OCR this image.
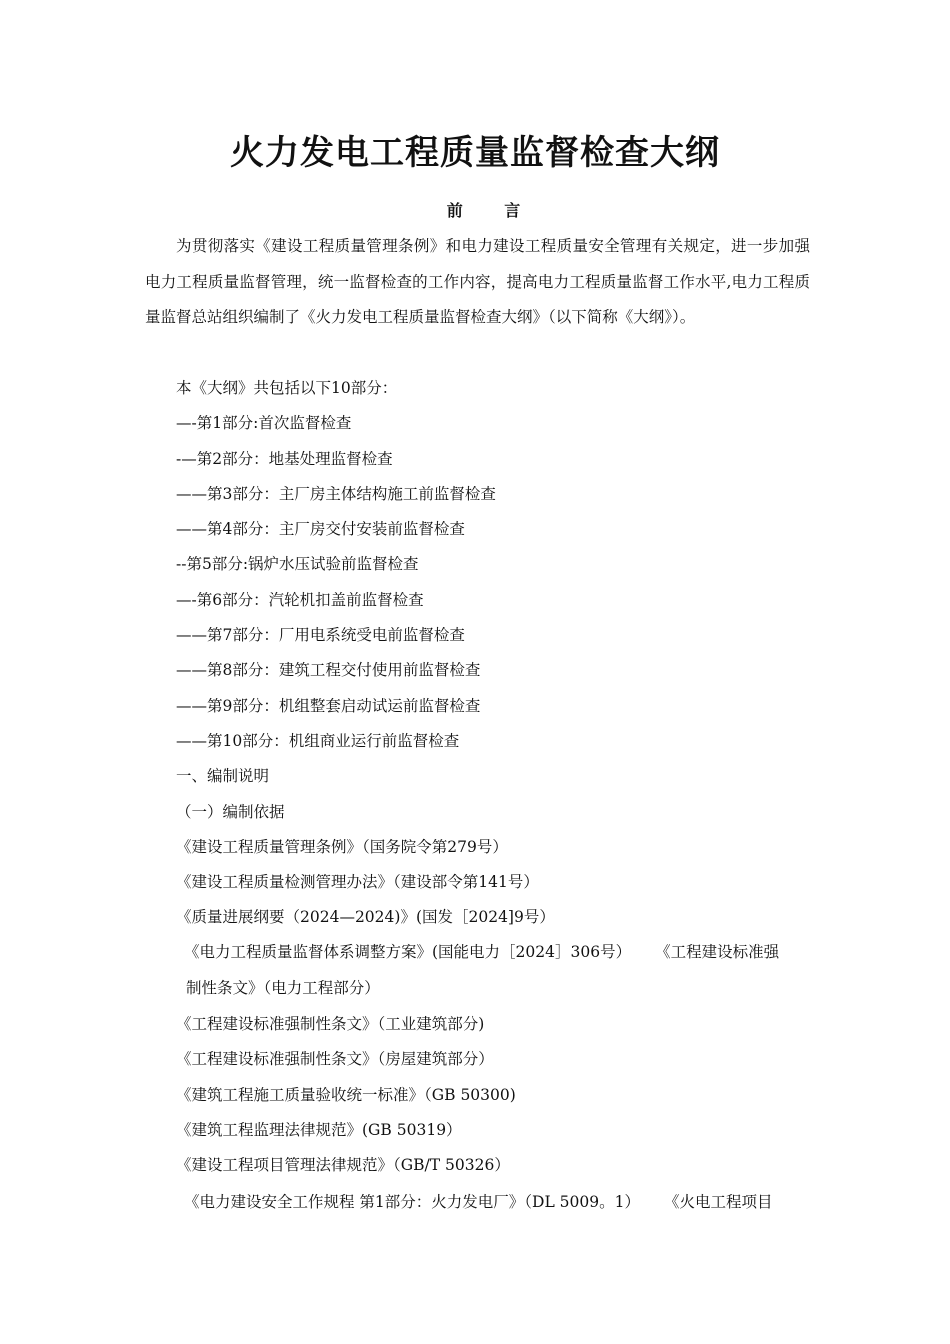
火力发电工程质量监督检查大纲
前 言
为贯彻落实《建设工程质量管理条例》和电力建设工程质量安全管理有关规定，进一步加强电力工程质量监督管理，统一监督检查的工作内容，提高电力工程质量监督工作水平,电力工程质量监督总站组织编制了《火力发电工程质量监督检查大纲》（以下简称《大纲》）。
本《大纲》共包括以下10部分：
—-第1部分:首次监督检查
-—第2部分：地基处理监督检查
——第3部分：主厂房主体结构施工前监督检查
——第4部分：主厂房交付安装前监督检查
--第5部分:锅炉水压试验前监督检查
—-第6部分：汽轮机扣盖前监督检查
——第7部分：厂用电系统受电前监督检查
——第8部分：建筑工程交付使用前监督检查
——第9部分：机组整套启动试运前监督检查
——第10部分：机组商业运行前监督检查
一、编制说明
（一）编制依据
《建设工程质量管理条例》（国务院令第279号）
《建设工程质量检测管理办法》（建设部令第141号）
《质量进展纲要（2024—2024)》(国发［2024]9号）
《电力工程质量监督体系调整方案》(国能电力［2024］306号） 《工程建设标准强
制性条文》（电力工程部分）
《工程建设标准强制性条文》（工业建筑部分)
《工程建设标准强制性条文》（房屋建筑部分）
《建筑工程施工质量验收统一标准》（GB 50300)
《建筑工程监理法律规范》(GB 50319）
《建设工程项目管理法律规范》（GB/T 50326）
《电力建设安全工作规程 第1部分：火力发电厂》（DL 5009。1） 《火电工程项目
